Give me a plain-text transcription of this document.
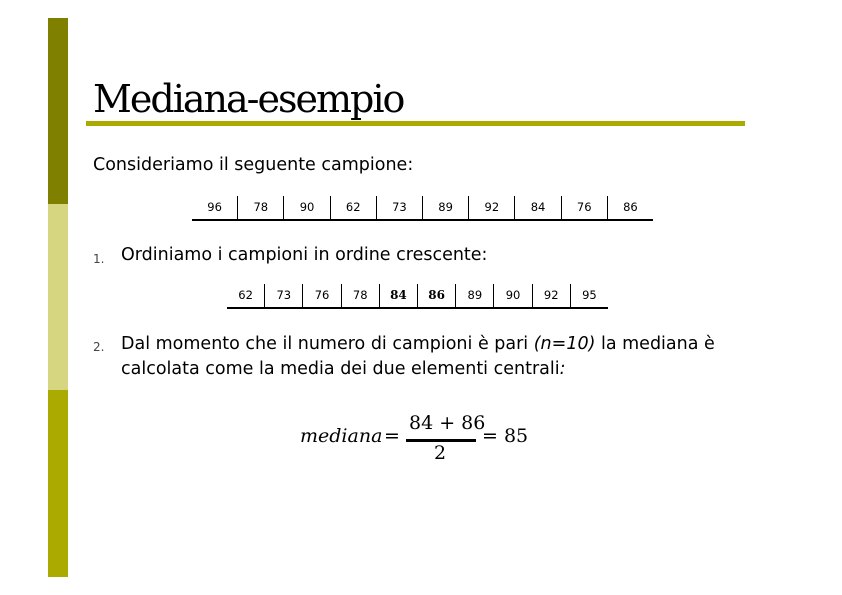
Mediana-esempio
Consideriamo il seguente campione:
96	78	90	62	73	89	92	84	76	86
1. Ordiniamo i campioni in ordine crescente:
62	73	76	78	84	86	89	90	92	95
2. Dal momento che il numero di campioni è pari (n=10) la mediana è calcolata come la media dei due elementi centrali:
mediana =
84 + 86
2
= 85
